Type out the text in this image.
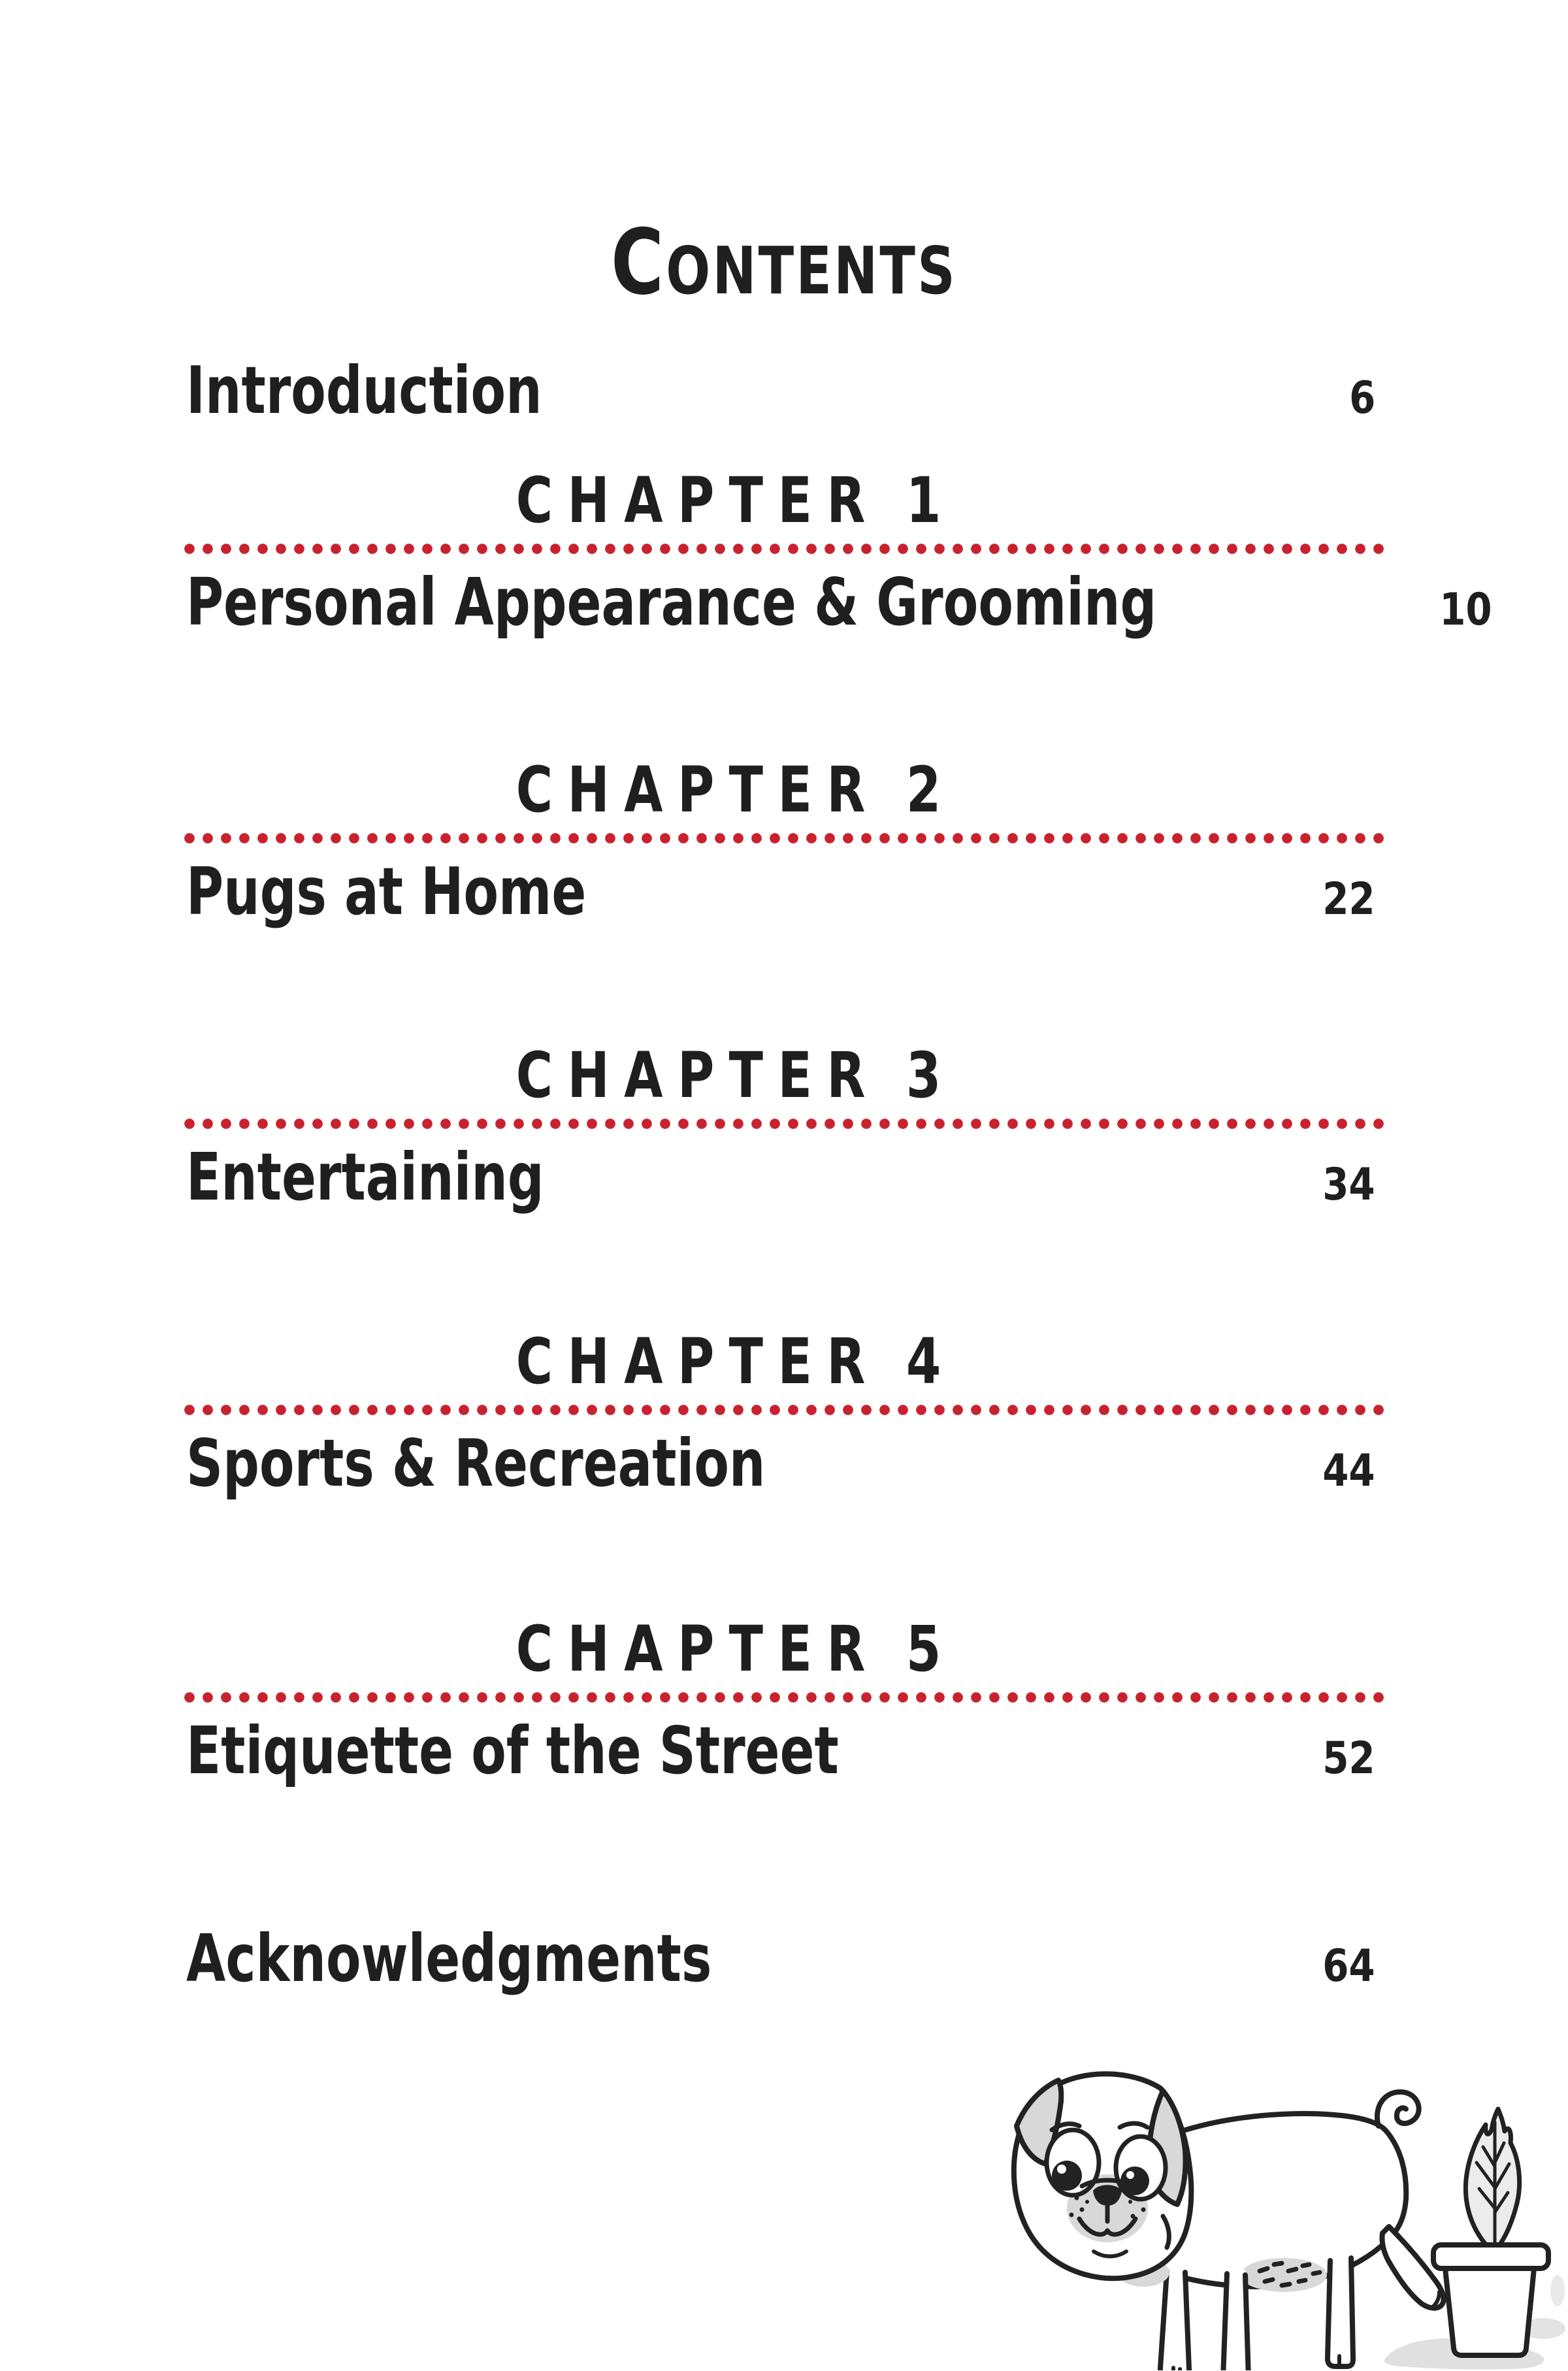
CONTENTS
Introduction	6
CHAPTER 1
Personal Appearance & Grooming	10
CHAPTER 2
Pugs at Home	22
CHAPTER 3
Entertaining	34
CHAPTER 4
Sports & Recreation	44
CHAPTER 5
Etiquette of the Street	52
Acknowledgments	64
